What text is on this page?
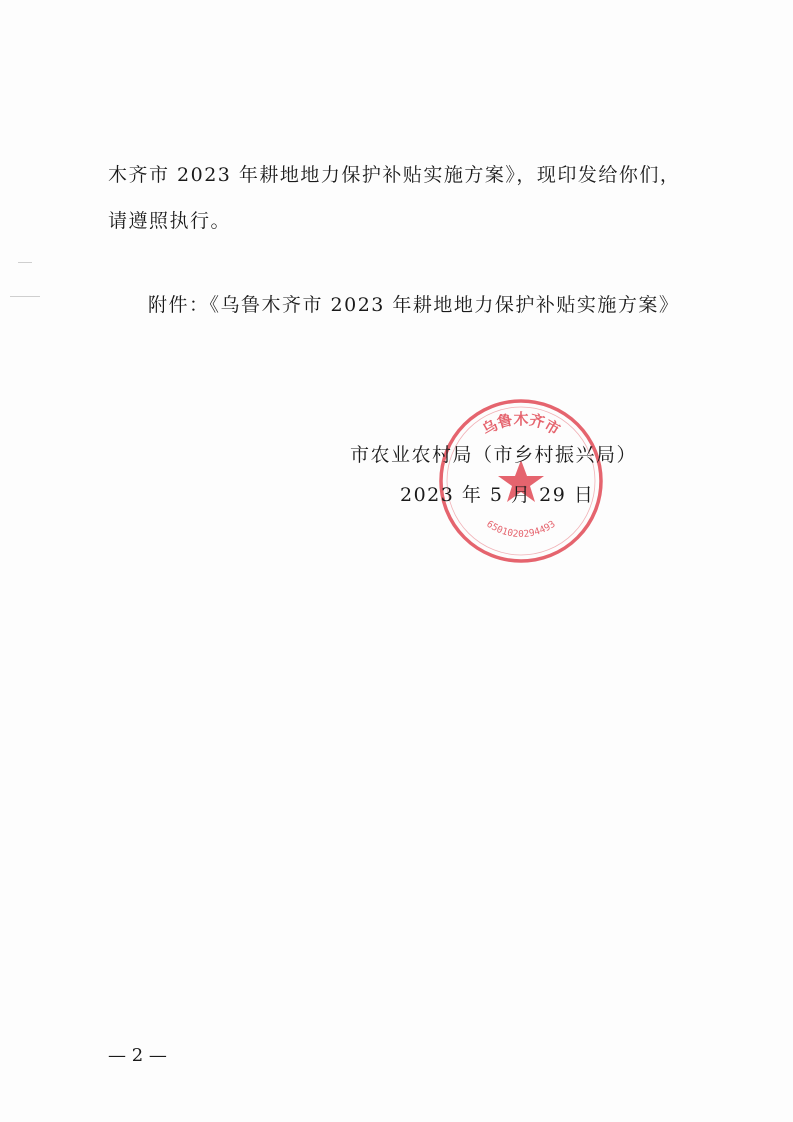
木齐市 2023 年耕地地力保护补贴实施方案》，现印发给你们，
请遵照执行。
附件：《乌鲁木齐市 2023 年耕地地力保护补贴实施方案》
乌鲁木齐市
6501020294493
市农业农村局（市乡村振兴局）
2023 年 5 月 29 日
— 2 —
